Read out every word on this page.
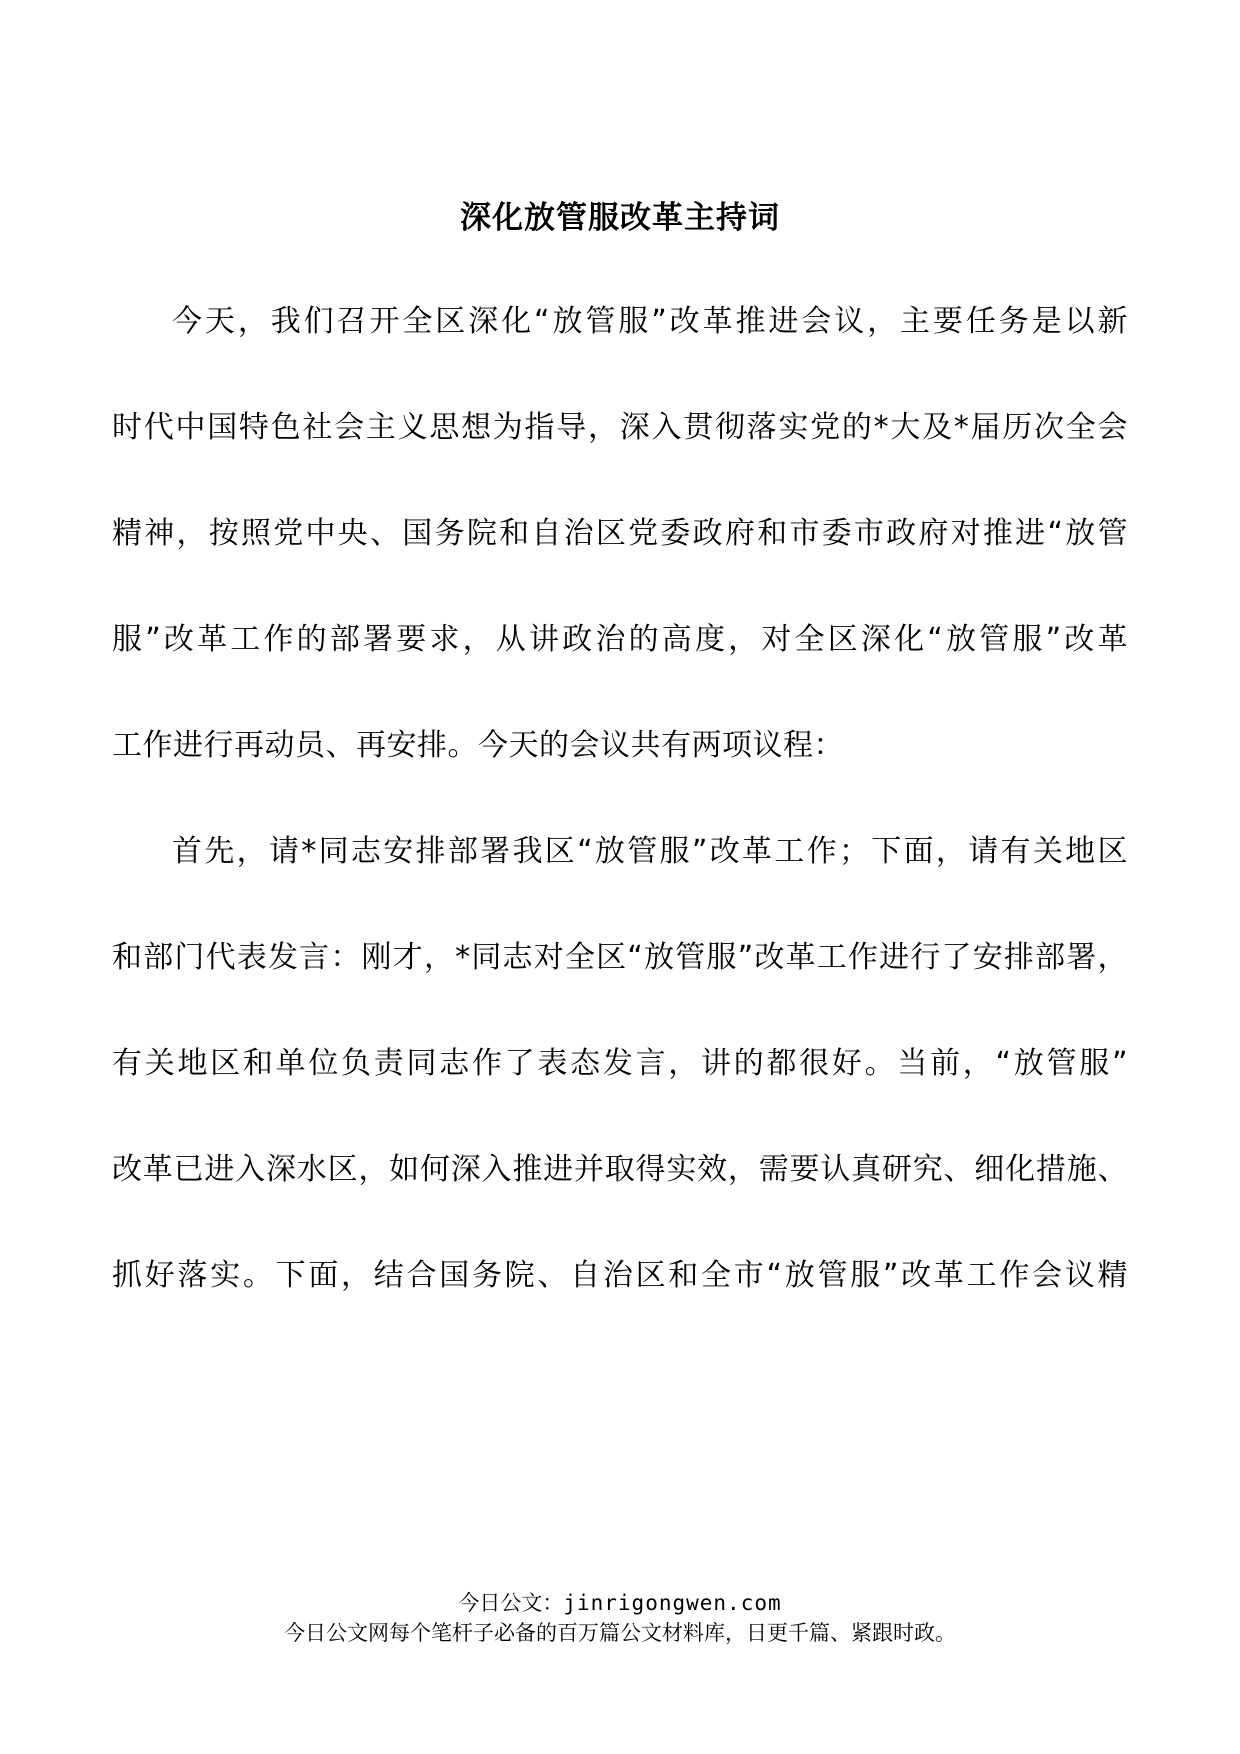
深化放管服改革主持词
今天，我们召开全区深化“放管服”改革推进会议，主要任务是以新
时代中国特色社会主义思想为指导，深入贯彻落实党的*大及*届历次全会
精神，按照党中央、国务院和自治区党委政府和市委市政府对推进“放管
服”改革工作的部署要求，从讲政治的高度，对全区深化“放管服”改革
工作进行再动员、再安排。今天的会议共有两项议程：
首先，请*同志安排部署我区“放管服”改革工作；下面，请有关地区
和部门代表发言：刚才，*同志对全区“放管服”改革工作进行了安排部署，
有关地区和单位负责同志作了表态发言，讲的都很好。当前，“放管服”
改革已进入深水区，如何深入推进并取得实效，需要认真研究、细化措施、
抓好落实。下面，结合国务院、自治区和全市“放管服”改革工作会议精
今日公文：jinrigongwen.com
今日公文网每个笔杆子必备的百万篇公文材料库，日更千篇、紧跟时政。
